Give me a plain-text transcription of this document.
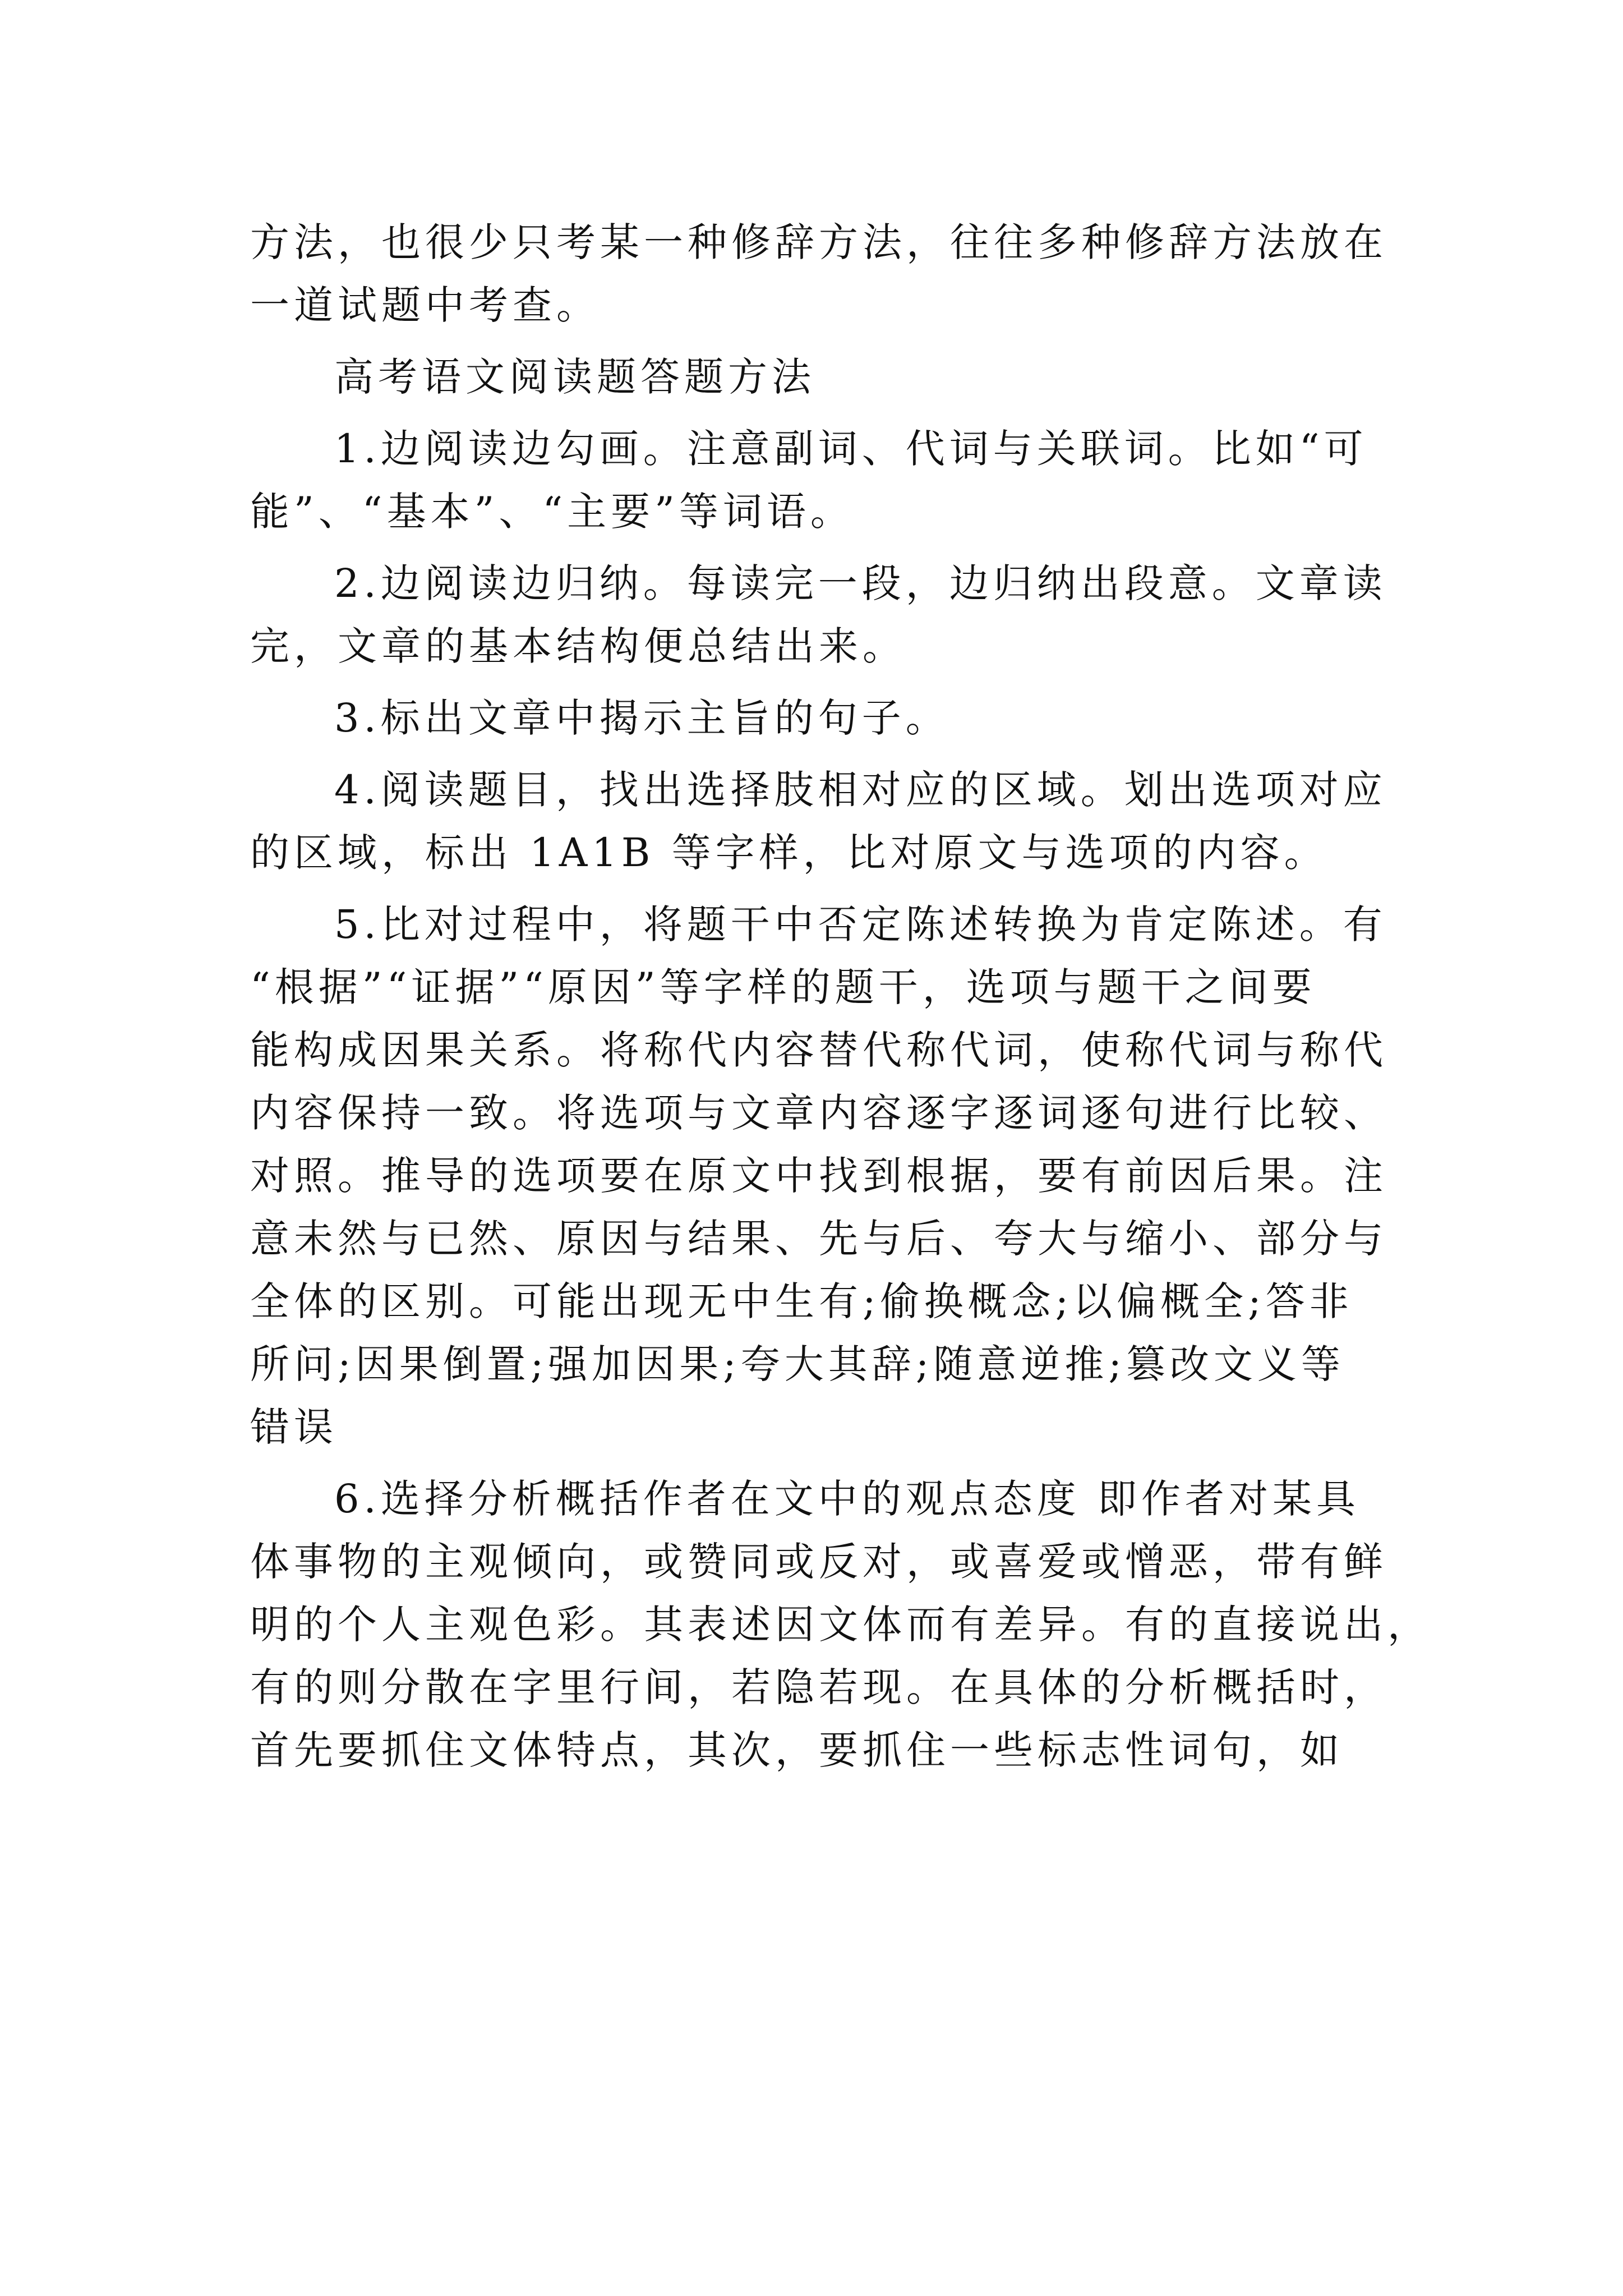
方法，也很少只考某一种修辞方法，往往多种修辞方法放在
一道试题中考查。
高考语文阅读题答题方法
1.边阅读边勾画。注意副词、代词与关联词。比如“可
能”、“基本”、“主要”等词语。
2.边阅读边归纳。每读完一段，边归纳出段意。文章读
完，文章的基本结构便总结出来。
3.标出文章中揭示主旨的句子。
4.阅读题目，找出选择肢相对应的区域。划出选项对应
的区域，标出 1A1B 等字样，比对原文与选项的内容。
5.比对过程中，将题干中否定陈述转换为肯定陈述。有
“根据”“证据”“原因”等字样的题干，选项与题干之间要
能构成因果关系。将称代内容替代称代词，使称代词与称代
内容保持一致。将选项与文章内容逐字逐词逐句进行比较、
对照。推导的选项要在原文中找到根据，要有前因后果。注
意未然与已然、原因与结果、先与后、夸大与缩小、部分与
全体的区别。可能出现无中生有;偷换概念;以偏概全;答非
所问;因果倒置;强加因果;夸大其辞;随意逆推;篡改文义等
错误
6.选择分析概括作者在文中的观点态度 即作者对某具
体事物的主观倾向，或赞同或反对，或喜爱或憎恶，带有鲜
明的个人主观色彩。其表述因文体而有差异。有的直接说出，
有的则分散在字里行间，若隐若现。在具体的分析概括时，
首先要抓住文体特点，其次，要抓住一些标志性词句，如
